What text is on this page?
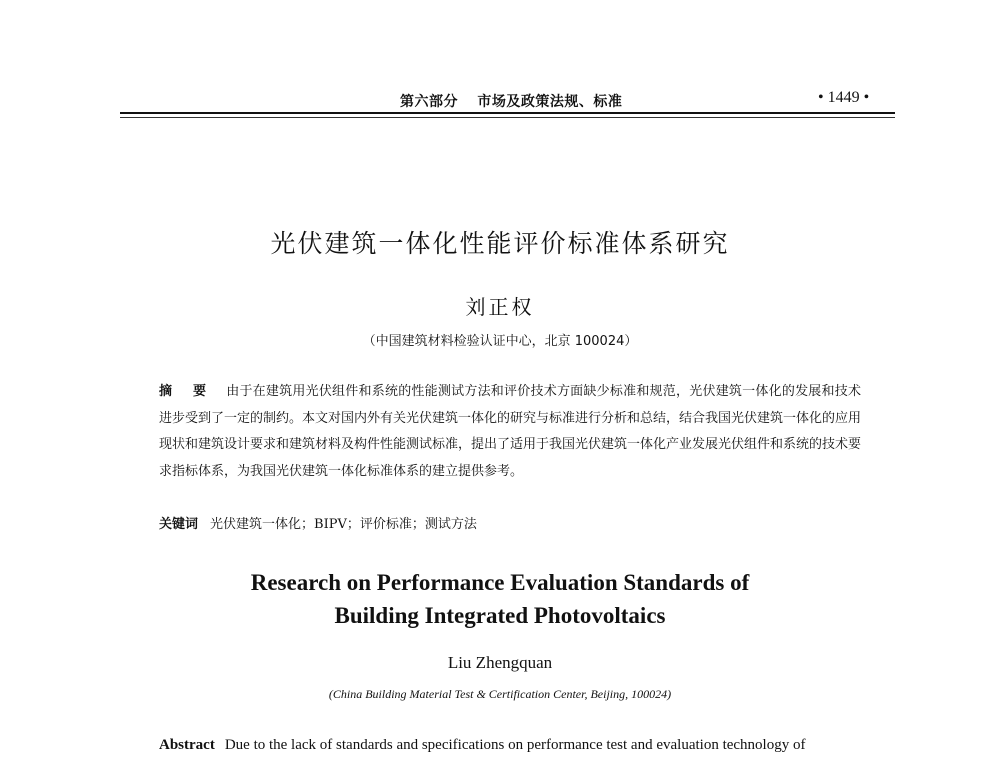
第六部分 市场及政策法规、标准	• 1449 •
光伏建筑一体化性能评价标准体系研究
刘正权
（中国建筑材料检验认证中心，北京 100024）
摘 要 由于在建筑用光伏组件和系统的性能测试方法和评价技术方面缺少标准和规范，光伏建筑一体化的发展和技术进步受到了一定的制约。本文对国内外有关光伏建筑一体化的研究与标准进行分析和总结，结合我国光伏建筑一体化的应用现状和建筑设计要求和建筑材料及构件性能测试标准，提出了适用于我国光伏建筑一体化产业发展光伏组件和系统的技术要求指标体系，为我国光伏建筑一体化标准体系的建立提供参考。
关键词 光伏建筑一体化；BIPV；评价标准；测试方法
Research on Performance Evaluation Standards of
Building Integrated Photovoltaics
Liu Zhengquan
(China Building Material Test & Certification Center, Beijing, 100024)
Abstract Due to the lack of standards and specifications on performance test and evaluation technology of
